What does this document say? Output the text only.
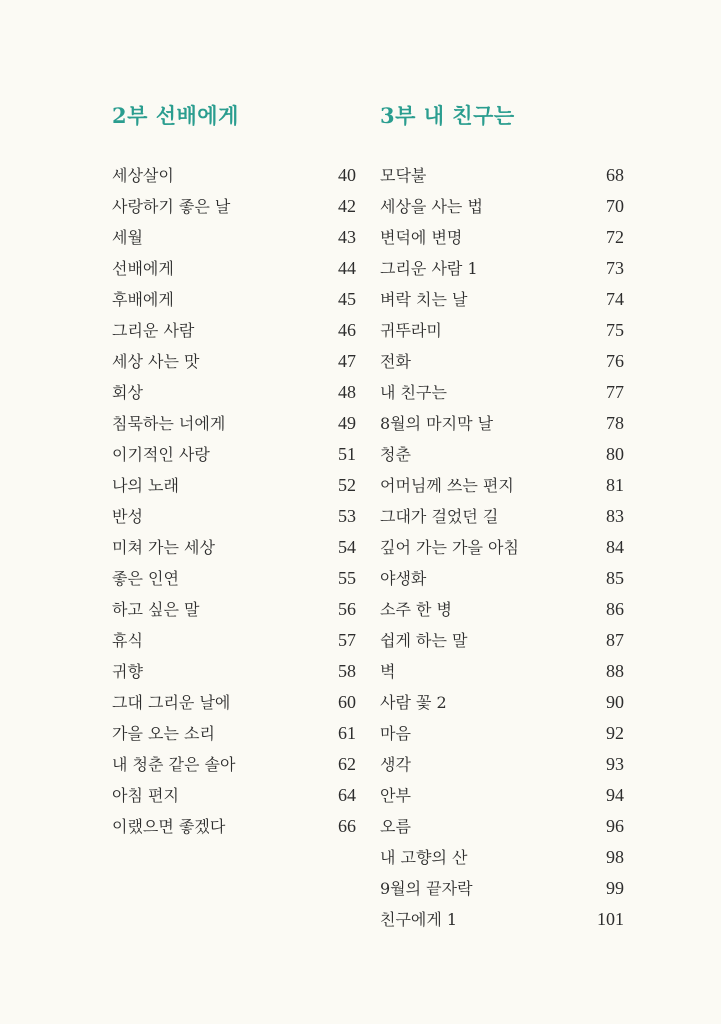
2부 선배에게
세상살이	40
사랑하기 좋은 날	42
세월	43
선배에게	44
후배에게	45
그리운 사람	46
세상 사는 맛	47
회상	48
침묵하는 너에게	49
이기적인 사랑	51
나의 노래	52
반성	53
미쳐 가는 세상	54
좋은 인연	55
하고 싶은 말	56
휴식	57
귀향	58
그대 그리운 날에	60
가을 오는 소리	61
내 청춘 같은 솔아	62
아침 편지	64
이랬으면 좋겠다	66
3부 내 친구는
모닥불	68
세상을 사는 법	70
변덕에 변명	72
그리운 사람 1	73
벼락 치는 날	74
귀뚜라미	75
전화	76
내 친구는	77
8월의 마지막 날	78
청춘	80
어머님께 쓰는 편지	81
그대가 걸었던 길	83
깊어 가는 가을 아침	84
야생화	85
소주 한 병	86
쉽게 하는 말	87
벽	88
사람 꽃 2	90
마음	92
생각	93
안부	94
오름	96
내 고향의 산	98
9월의 끝자락	99
친구에게 1	101
